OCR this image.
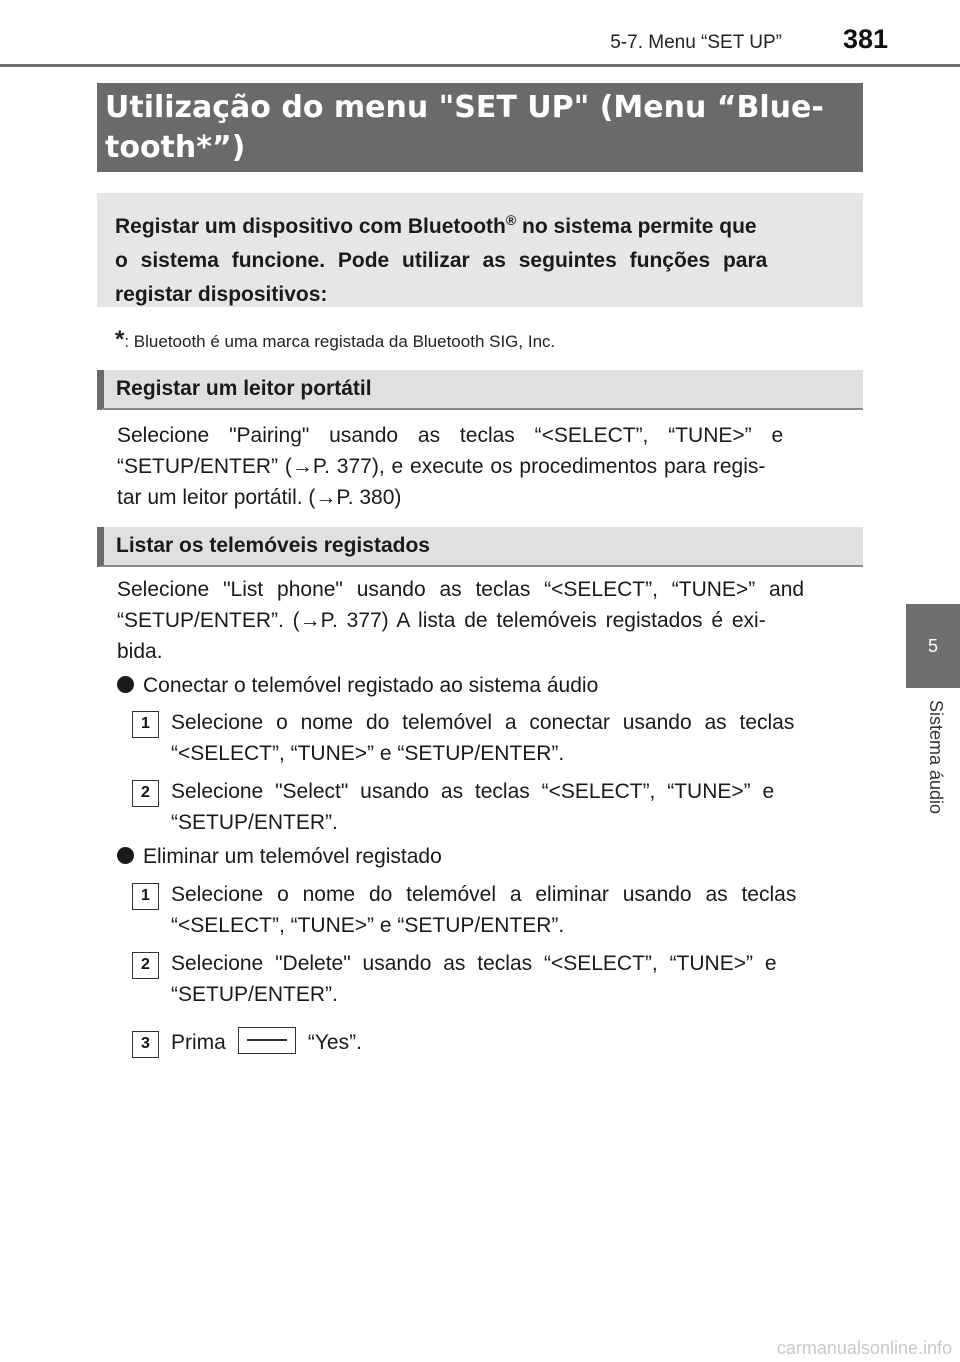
5-7. Menu “SET UP”	381
5
Sistema áudio
Utilização do menu "SET UP" (Menu “Blue-
tooth*”)
Registar um dispositivo com Bluetooth® no sistema permite que
o sistema funcione. Pode utilizar as seguintes funções para
registar dispositivos:
*: Bluetooth é uma marca registada da Bluetooth SIG, Inc.
Registar um leitor portátil
Selecione "Pairing" usando as teclas “<SELECT”, “TUNE>” e
“SETUP/ENTER” (→P. 377), e execute os procedimentos para regis-
tar um leitor portátil. (→P. 380)
Listar os telemóveis registados
Selecione "List phone" usando as teclas “<SELECT”, “TUNE>” and
“SETUP/ENTER”. (→P. 377) A lista de telemóveis registados é exi-
bida.
Conectar o telemóvel registado ao sistema áudio
1	Selecione o nome do telemóvel a conectar usando as teclas
“<SELECT”, “TUNE>” e “SETUP/ENTER”.
2	Selecione "Select" usando as teclas “<SELECT”, “TUNE>” e
“SETUP/ENTER”.
Eliminar um telemóvel registado
1	Selecione o nome do telemóvel a eliminar usando as teclas
“<SELECT”, “TUNE>” e “SETUP/ENTER”.
2	Selecione "Delete" usando as teclas “<SELECT”, “TUNE>” e
“SETUP/ENTER”.
3	Prima	“Yes”.
carmanualsonline.info
